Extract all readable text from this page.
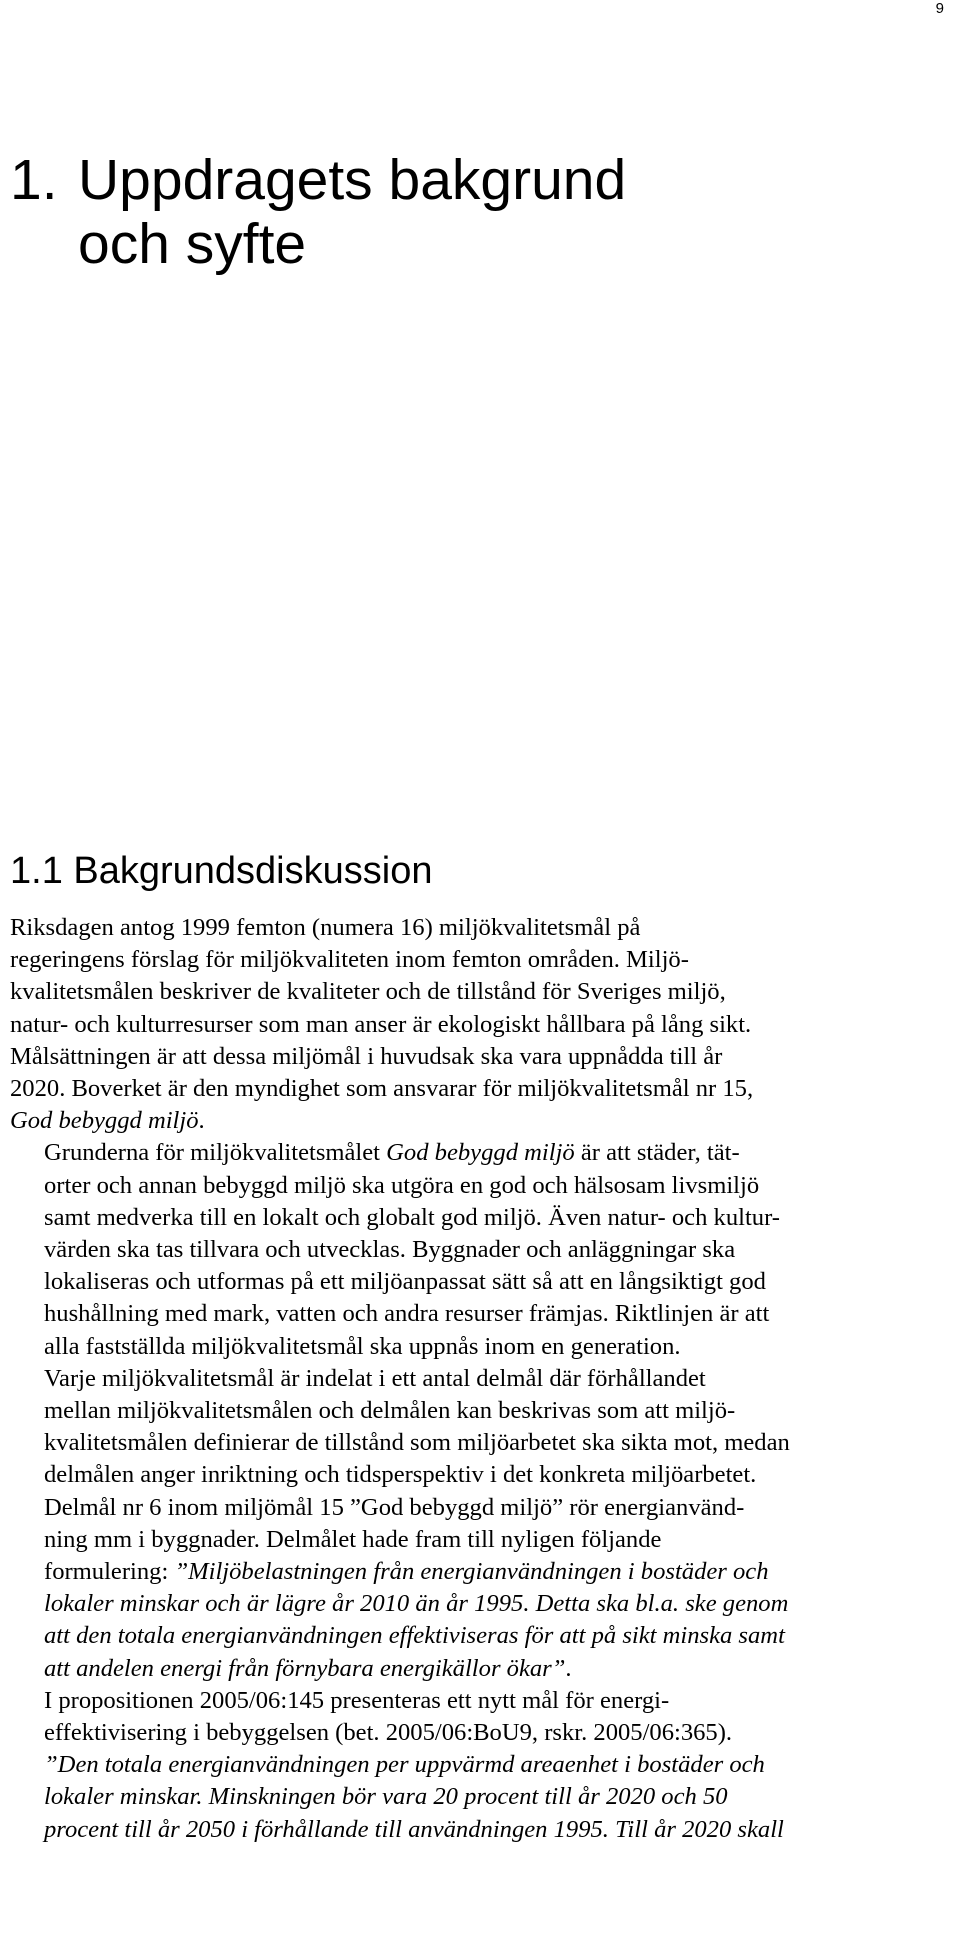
9
1. Uppdragets bakgrund
och syfte
1.1 Bakgrundsdiskussion

Riksdagen antog 1999 femton (numera 16) miljökvalitetsmål på
regeringens förslag för miljökvaliteten inom femton områden. Miljö-
kvalitetsmålen beskriver de kvaliteter och de tillstånd för Sveriges miljö,
natur- och kulturresurser som man anser är ekologiskt hållbara på lång sikt.
Målsättningen är att dessa miljömål i huvudsak ska vara uppnådda till år
2020. Boverket är den myndighet som ansvarar för miljökvalitetsmål nr 15,
God bebyggd miljö.

Grunderna för miljökvalitetsmålet God bebyggd miljö är att städer, tät-
orter och annan bebyggd miljö ska utgöra en god och hälsosam livsmiljö
samt medverka till en lokalt och globalt god miljö. Även natur- och kultur-
värden ska tas tillvara och utvecklas. Byggnader och anläggningar ska
lokaliseras och utformas på ett miljöanpassat sätt så att en långsiktigt god
hushållning med mark, vatten och andra resurser främjas. Riktlinjen är att
alla fastställda miljökvalitetsmål ska uppnås inom en generation.

Varje miljökvalitetsmål är indelat i ett antal delmål där förhållandet
mellan miljökvalitetsmålen och delmålen kan beskrivas som att miljö-
kvalitetsmålen definierar de tillstånd som miljöarbetet ska sikta mot, medan
delmålen anger inriktning och tidsperspektiv i det konkreta miljöarbetet.

Delmål nr 6 inom miljömål 15 ”God bebyggd miljö” rör energianvänd-
ning mm i byggnader. Delmålet hade fram till nyligen följande
formulering: ”Miljöbelastningen från energianvändningen i bostäder och
lokaler minskar och är lägre år 2010 än år 1995. Detta ska bl.a. ske genom
att den totala energianvändningen effektiviseras för att på sikt minska samt
att andelen energi från förnybara energikällor ökar”.

I propositionen 2005/06:145 presenteras ett nytt mål för energi-
effektivisering i bebyggelsen (bet. 2005/06:BoU9, rskr. 2005/06:365).
”Den totala energianvändningen per uppvärmd areaenhet i bostäder och
lokaler minskar. Minskningen bör vara 20 procent till år 2020 och 50
procent till år 2050 i förhållande till användningen 1995. Till år 2020 skall
